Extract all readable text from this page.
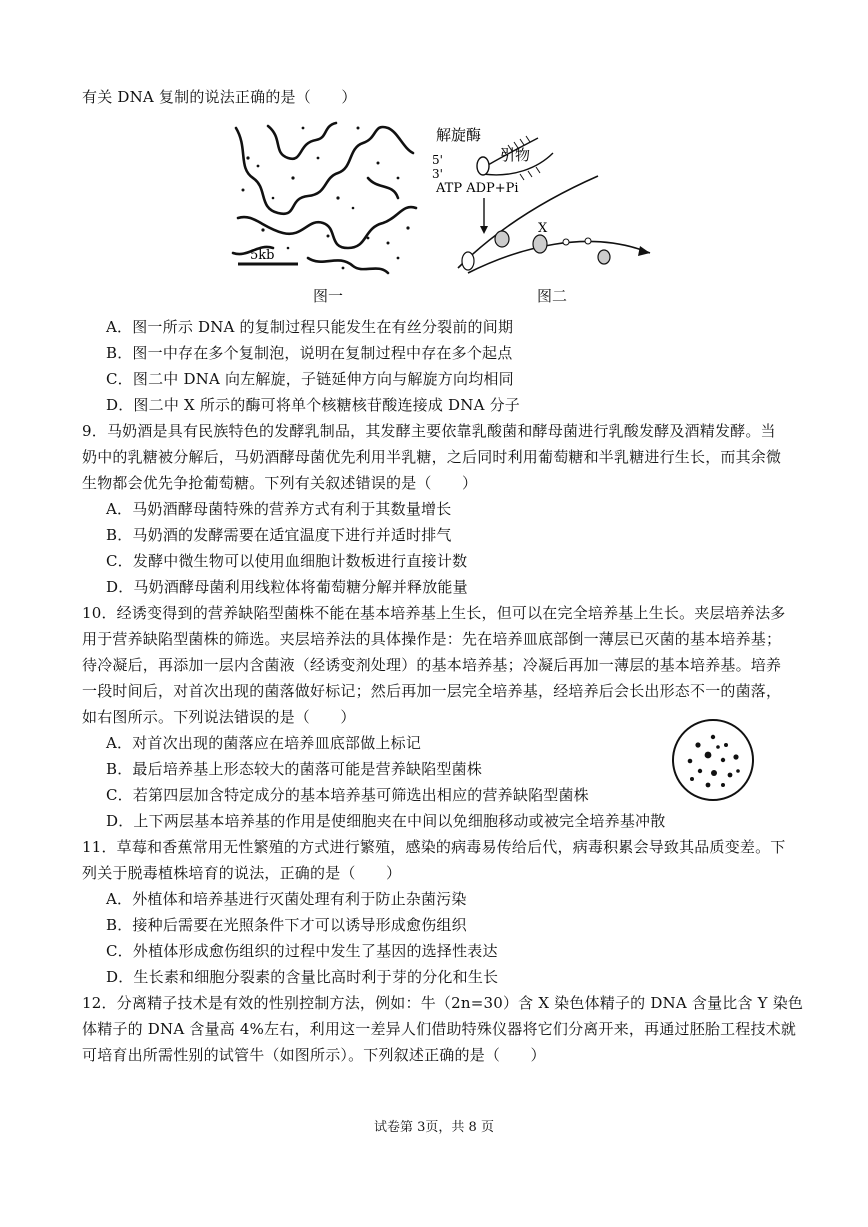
有关 DNA 复制的说法正确的是（　　）
5kb
图一
解旋酶
引物
5'
3'
ATP ADP+Pi
X
图二
A．图一所示 DNA 的复制过程只能发生在有丝分裂前的间期
B．图一中存在多个复制泡，说明在复制过程中存在多个起点
C．图二中 DNA 向左解旋，子链延伸方向与解旋方向均相同
D．图二中 X 所示的酶可将单个核糖核苷酸连接成 DNA 分子
9．马奶酒是具有民族特色的发酵乳制品，其发酵主要依靠乳酸菌和酵母菌进行乳酸发酵及酒精发酵。当
奶中的乳糖被分解后，马奶酒酵母菌优先利用半乳糖，之后同时利用葡萄糖和半乳糖进行生长，而其余微
生物都会优先争抢葡萄糖。下列有关叙述错误的是（　　）
A．马奶酒酵母菌特殊的营养方式有利于其数量增长
B．马奶酒的发酵需要在适宜温度下进行并适时排气
C．发酵中微生物可以使用血细胞计数板进行直接计数
D．马奶酒酵母菌利用线粒体将葡萄糖分解并释放能量
10．经诱变得到的营养缺陷型菌株不能在基本培养基上生长，但可以在完全培养基上生长。夹层培养法多
用于营养缺陷型菌株的筛选。夹层培养法的具体操作是：先在培养皿底部倒一薄层已灭菌的基本培养基；
待冷凝后，再添加一层内含菌液（经诱变剂处理）的基本培养基；冷凝后再加一薄层的基本培养基。培养
一段时间后，对首次出现的菌落做好标记；然后再加一层完全培养基，经培养后会长出形态不一的菌落，
如右图所示。下列说法错误的是（　　）
A．对首次出现的菌落应在培养皿底部做上标记
B．最后培养基上形态较大的菌落可能是营养缺陷型菌株
C．若第四层加含特定成分的基本培养基可筛选出相应的营养缺陷型菌株
D．上下两层基本培养基的作用是使细胞夹在中间以免细胞移动或被完全培养基冲散
11．草莓和香蕉常用无性繁殖的方式进行繁殖，感染的病毒易传给后代，病毒积累会导致其品质变差。下
列关于脱毒植株培育的说法，正确的是（　　）
A．外植体和培养基进行灭菌处理有利于防止杂菌污染
B．接种后需要在光照条件下才可以诱导形成愈伤组织
C．外植体形成愈伤组织的过程中发生了基因的选择性表达
D．生长素和细胞分裂素的含量比高时利于芽的分化和生长
12．分离精子技术是有效的性别控制方法，例如：牛（2n=30）含 X 染色体精子的 DNA 含量比含 Y 染色
体精子的 DNA 含量高 4%左右，利用这一差异人们借助特殊仪器将它们分离开来，再通过胚胎工程技术就
可培育出所需性别的试管牛（如图所示）。下列叙述正确的是（　　）
试卷第 3页，共 8 页
